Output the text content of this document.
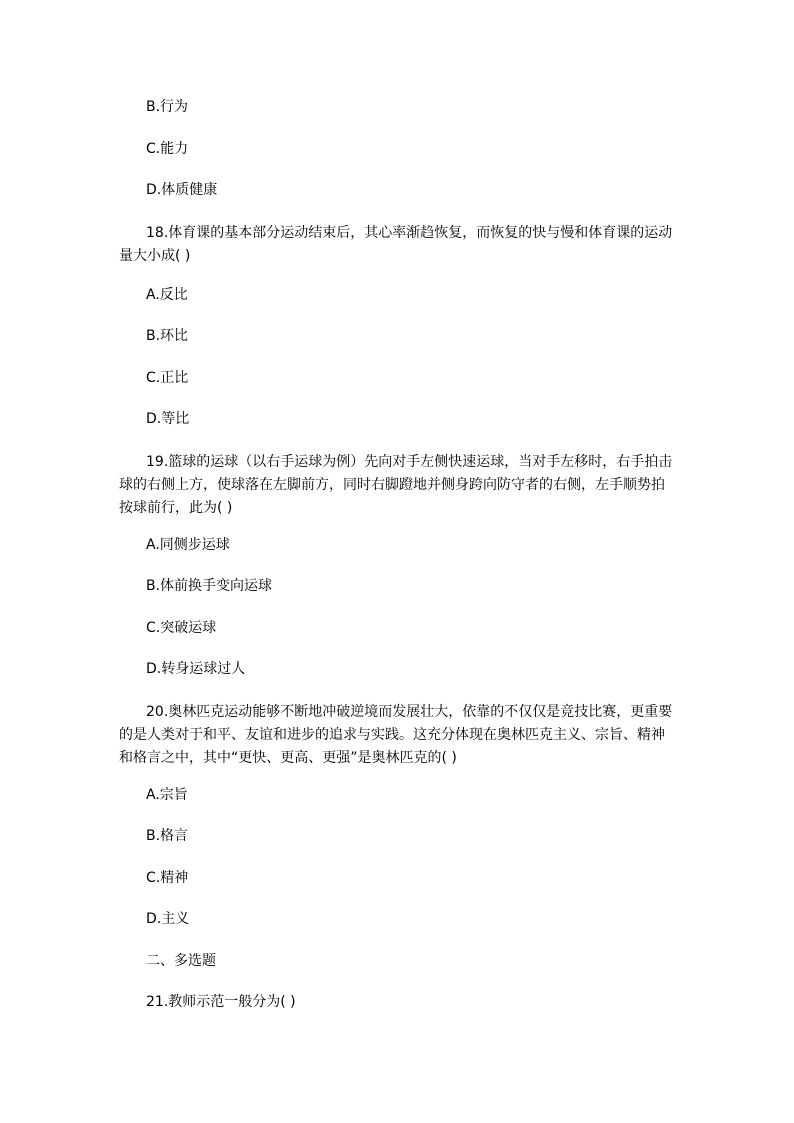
B.行为
C.能力
D.体质健康
18.体育课的基本部分运动结束后，其心率渐趋恢复，而恢复的快与慢和体育课的运动
量大小成( )
A.反比
B.环比
C.正比
D.等比
19.篮球的运球（以右手运球为例）先向对手左侧快速运球，当对手左移时，右手拍击
球的右侧上方，使球落在左脚前方，同时右脚蹬地并侧身跨向防守者的右侧，左手顺势拍
按球前行，此为( )
A.同侧步运球
B.体前换手变向运球
C.突破运球
D.转身运球过人
20.奥林匹克运动能够不断地冲破逆境而发展壮大，依靠的不仅仅是竞技比赛，更重要
的是人类对于和平、友谊和进步的追求与实践。这充分体现在奥林匹克主义、宗旨、精神
和格言之中，其中“更快、更高、更强”是奥林匹克的( )
A.宗旨
B.格言
C.精神
D.主义
二、多选题
21.教师示范一般分为( )
